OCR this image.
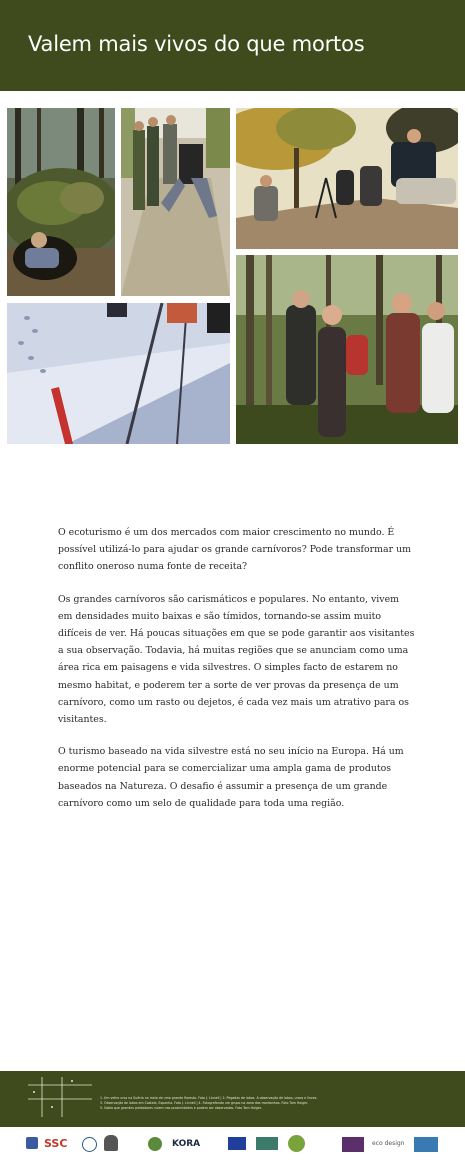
Valem mais vivos do que mortos

O ecoturismo é um dos mercados com maior crescimento no mundo. É possível utilizá-lo para ajudar os grande carnívoros? Pode transformar um conflito oneroso numa fonte de receita?

Os grandes carnívoros são carismáticos e populares. No entanto, vivem em densidades muito baixas e são tímidos, tornando-se assim muito difíceis de ver. Há poucas situações em que se pode garantir aos visitantes a sua observação. Todavia, há muitas regiões que se anunciam como uma área rica em paisagens e vida silvestres. O simples facto de estarem no mesmo habitat, e poderem ter a sorte de ver provas da presença de um carnívoro, como um rasto ou dejetos, é cada vez mais um atrativo para os visitantes.

O turismo baseado na vida silvestre está no seu início na Europa. Há um enorme potencial para se comercializar uma ampla gama de produtos baseados na Natureza. O desafio é assumir a presença de um grande carnívoro como um selo de qualidade para toda uma região.

1. Um velho urso na Suécia no meio de uma grande floresta. Foto J. Linnell | 2. Pegadas de lobos. A observação de lobos, ursos e linces.
3. Observação de lobos em Castela, Espanha. Foto J. Linnell | 4. Fotografando um grupo na zona das montanhas. Foto Tom Holger.
5. Sabia que grandes predadores vivem nas proximidades e podem ser observados. Foto Tom Holger.
SSC	KORA	eco design
